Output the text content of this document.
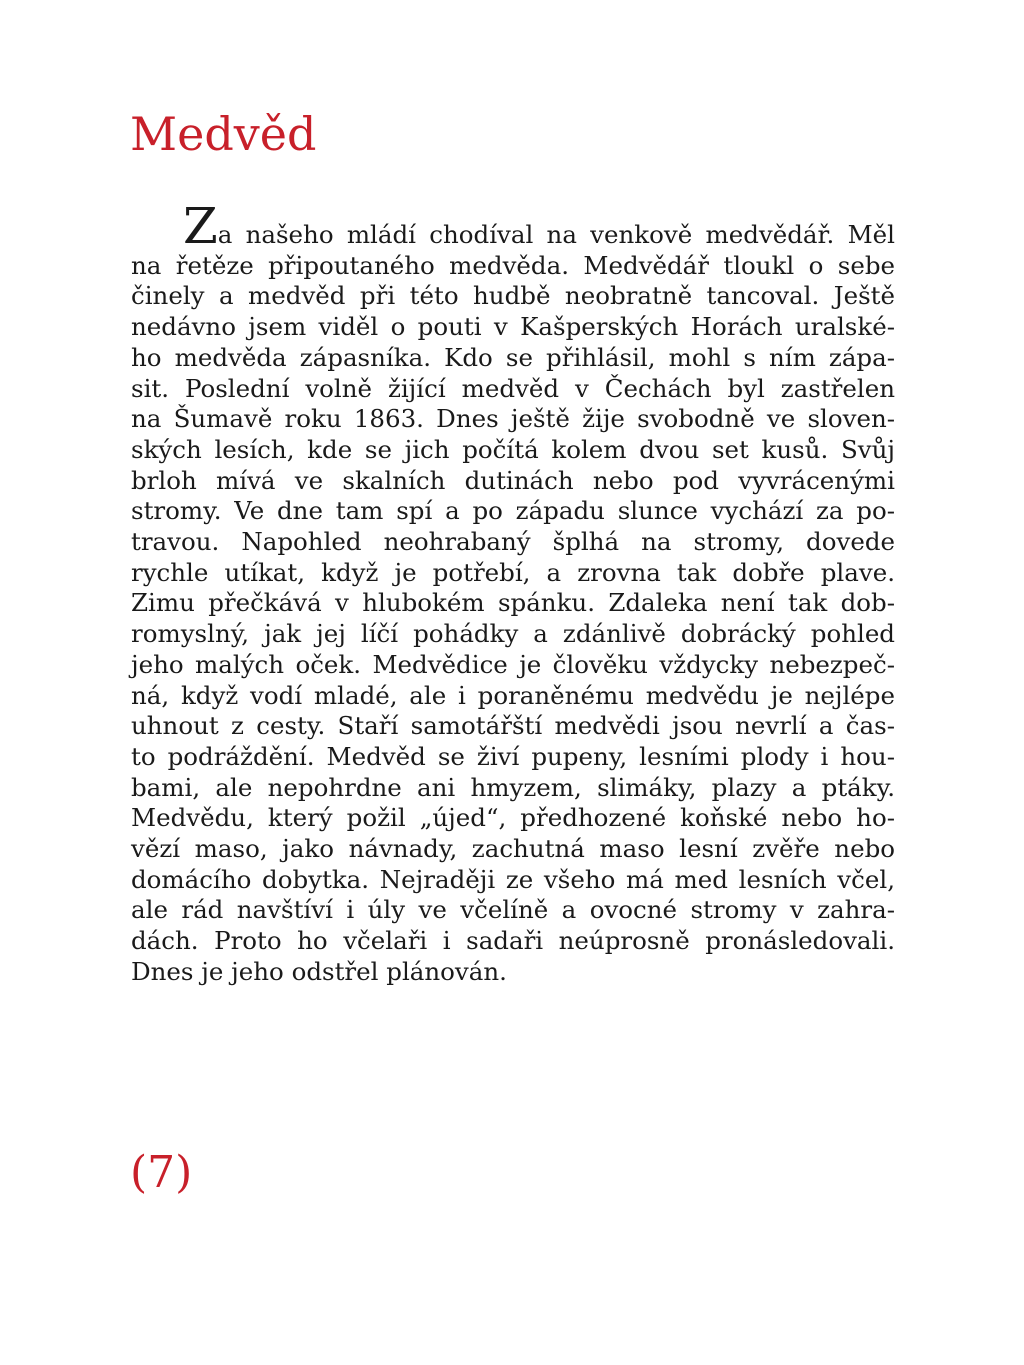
Medvěd
Za našeho mládí chodíval na venkově medvědář. Měl
na řetěze připoutaného medvěda. Medvědář tloukl o sebe
činely a medvěd při této hudbě neobratně tancoval. Ještě
nedávno jsem viděl o pouti v Kašperských Horách uralské-
ho medvěda zápasníka. Kdo se přihlásil, mohl s ním zápa-
sit. Poslední volně žijící medvěd v Čechách byl zastřelen
na Šumavě roku 1863. Dnes ještě žije svobodně ve sloven-
ských lesích, kde se jich počítá kolem dvou set kusů. Svůj
brloh mívá ve skalních dutinách nebo pod vyvrácenými
stromy. Ve dne tam spí a po západu slunce vychází za po-
travou. Napohled neohrabaný šplhá na stromy, dovede
rychle utíkat, když je potřebí, a zrovna tak dobře plave.
Zimu přečkává v hlubokém spánku. Zdaleka není tak dob-
romyslný, jak jej líčí pohádky a zdánlivě dobrácký pohled
jeho malých oček. Medvědice je člověku vždycky nebezpeč-
ná, když vodí mladé, ale i poraněnému medvědu je nejlépe
uhnout z cesty. Staří samotářští medvědi jsou nevrlí a čas-
to podráždění. Medvěd se živí pupeny, lesními plody i hou-
bami, ale nepohrdne ani hmyzem, slimáky, plazy a ptáky.
Medvědu, který požil „újed“, předhozené koňské nebo ho-
vězí maso, jako návnady, zachutná maso lesní zvěře nebo
domácího dobytka. Nejraději ze všeho má med lesních včel,
ale rád navštíví i úly ve včelíně a ovocné stromy v zahra-
dách. Proto ho včelaři i sadaři neúprosně pronásledovali.
Dnes je jeho odstřel plánován.
(7)
